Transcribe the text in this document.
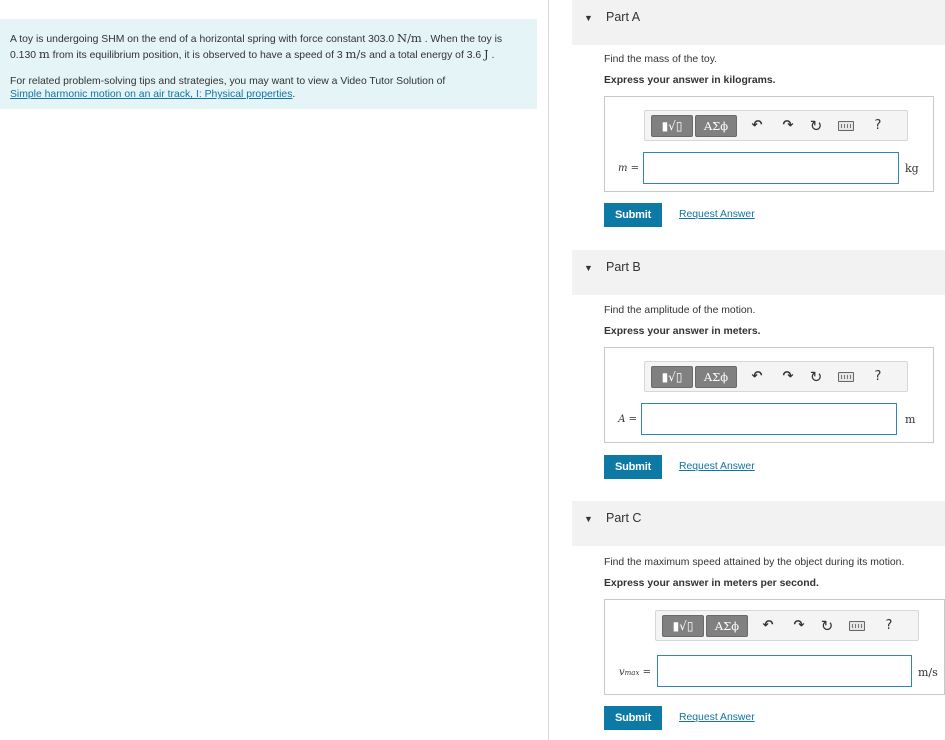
A toy is undergoing SHM on the end of a horizontal spring with force constant 303.0 N/m . When the toy is 0.130 m from its equilibrium position, it is observed to have a speed of 3 m/s and a total energy of 3.6 J .

For related problem-solving tips and strategies, you may want to view a Video Tutor Solution of
Simple harmonic motion on an air track, I: Physical properties.

▼ Part A
Find the mass of the toy.
Express your answer in kilograms.
▮√▯	ΑΣϕ	↶ ↷ ↻	?
m =	kg
Submit	Request Answer
▼ Part B
Find the amplitude of the motion.
Express your answer in meters.
▮√▯	ΑΣϕ	↶ ↷ ↻	?
A =	m
Submit	Request Answer
▼ Part C
Find the maximum speed attained by the object during its motion.
Express your answer in meters per second.
▮√▯	ΑΣϕ	↶ ↷ ↻	?
vmax =	m/s
Submit	Request Answer
